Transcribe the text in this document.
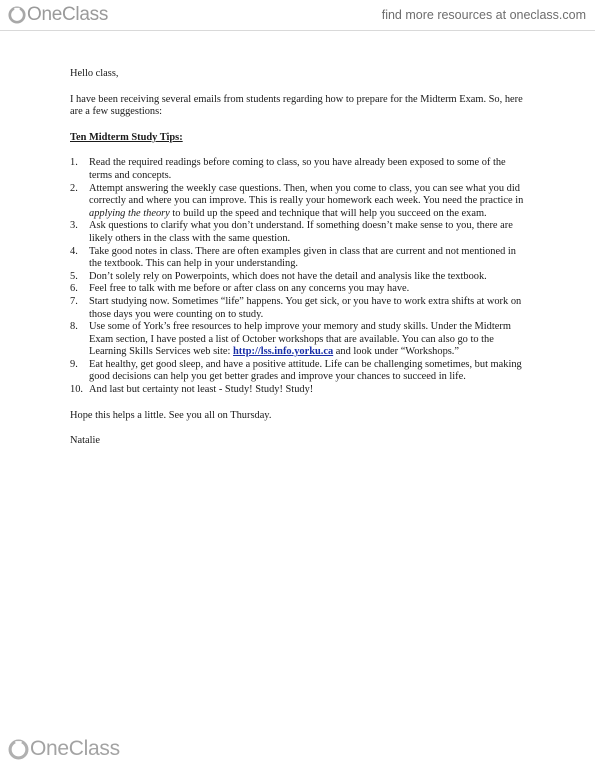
OneClass	find more resources at oneclass.com

Hello class,

I have been receiving several emails from students regarding how to prepare for the Midterm Exam. So, here are a few suggestions:

Ten Midterm Study Tips:

1.	Read the required readings before coming to class, so you have already been exposed to some of the terms and concepts.
2.	Attempt answering the weekly case questions. Then, when you come to class, you can see what you did correctly and where you can improve. This is really your homework each week. You need the practice in applying the theory to build up the speed and technique that will help you succeed on the exam.
3.	Ask questions to clarify what you don’t understand. If something doesn’t make sense to you, there are likely others in the class with the same question.
4.	Take good notes in class. There are often examples given in class that are current and not mentioned in the textbook. This can help in your understanding.
5.	Don’t solely rely on Powerpoints, which does not have the detail and analysis like the textbook.
6.	Feel free to talk with me before or after class on any concerns you may have.
7.	Start studying now. Sometimes “life” happens. You get sick, or you have to work extra shifts at work on those days you were counting on to study.
8.	Use some of York’s free resources to help improve your memory and study skills. Under the Midterm Exam section, I have posted a list of October workshops that are available. You can also go to the Learning Skills Services web site: http://lss.info.yorku.ca and look under “Workshops.”
9.	Eat healthy, get good sleep, and have a positive attitude. Life can be challenging sometimes, but making good decisions can help you get better grades and improve your chances to succeed in life.
10. And last but certainty not least - Study! Study! Study!

Hope this helps a little. See you all on Thursday.

Natalie

OneClass
